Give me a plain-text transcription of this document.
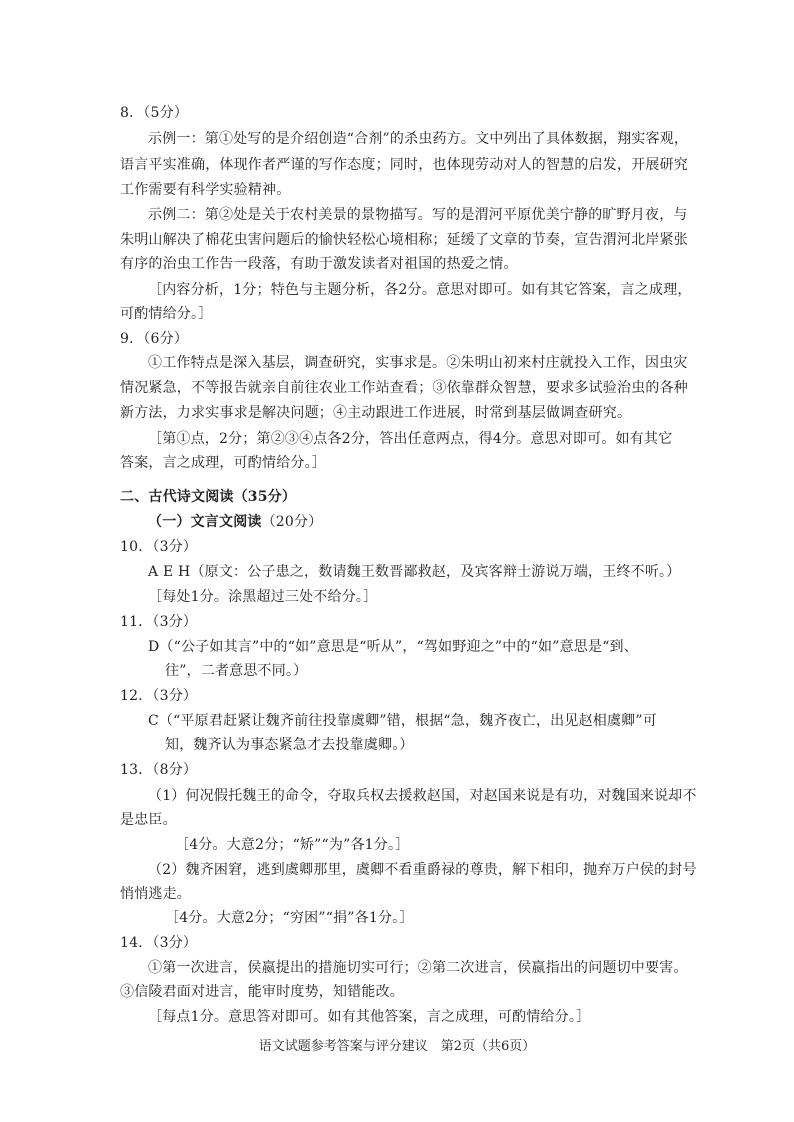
8．（5分）
示例一：第①处写的是介绍创造“合剂”的杀虫药方。文中列出了具体数据，翔实客观，
语言平实准确，体现作者严谨的写作态度；同时，也体现劳动对人的智慧的启发，开展研究
工作需要有科学实验精神。
示例二：第②处是关于农村美景的景物描写。写的是渭河平原优美宁静的旷野月夜，与
朱明山解决了棉花虫害问题后的愉快轻松心境相称；延缓了文章的节奏，宣告渭河北岸紧张
有序的治虫工作告一段落，有助于激发读者对祖国的热爱之情。
［内容分析，1分；特色与主题分析，各2分。意思对即可。如有其它答案，言之成理，
可酌情给分。］
9．（6分）
①工作特点是深入基层，调查研究，实事求是。②朱明山初来村庄就投入工作，因虫灾
情况紧急，不等报告就亲自前往农业工作站查看；③依靠群众智慧，要求多试验治虫的各种
新方法，力求实事求是解决问题；④主动跟进工作进展，时常到基层做调查研究。
［第①点，2分；第②③④点各2分，答出任意两点，得4分。意思对即可。如有其它
答案，言之成理，可酌情给分。］
二、古代诗文阅读（35分）
（一）文言文阅读（20分）
10．（3分）
A E H（原文：公子患之，数请魏王数晋鄙救赵，及宾客辩士游说万端，王终不听。）
［每处1分。涂黑超过三处不给分。］
11．（3分）
D（“公子如其言”中的“如”意思是“听从”，“驾如野迎之”中的“如”意思是“到、
往”，二者意思不同。）
12．（3分）
C（“平原君赶紧让魏齐前往投靠虞卿”错，根据“急，魏齐夜亡，出见赵相虞卿”可
知，魏齐认为事态紧急才去投靠虞卿。）
13．（8分）
（1）何况假托魏王的命令，夺取兵权去援救赵国，对赵国来说是有功，对魏国来说却不
是忠臣。
［4分。大意2分；“矫”“为”各1分。］
（2）魏齐困窘，逃到虞卿那里，虞卿不看重爵禄的尊贵，解下相印，抛弃万户侯的封号
悄悄逃走。
［4分。大意2分；“穷困”“捐”各1分。］
14．（3分）
①第一次进言，侯嬴提出的措施切实可行；②第二次进言，侯嬴指出的问题切中要害。
③信陵君面对进言，能审时度势，知错能改。
［每点1分。意思答对即可。如有其他答案，言之成理，可酌情给分。］
语文试题参考答案与评分建议　第2页（共6页）
